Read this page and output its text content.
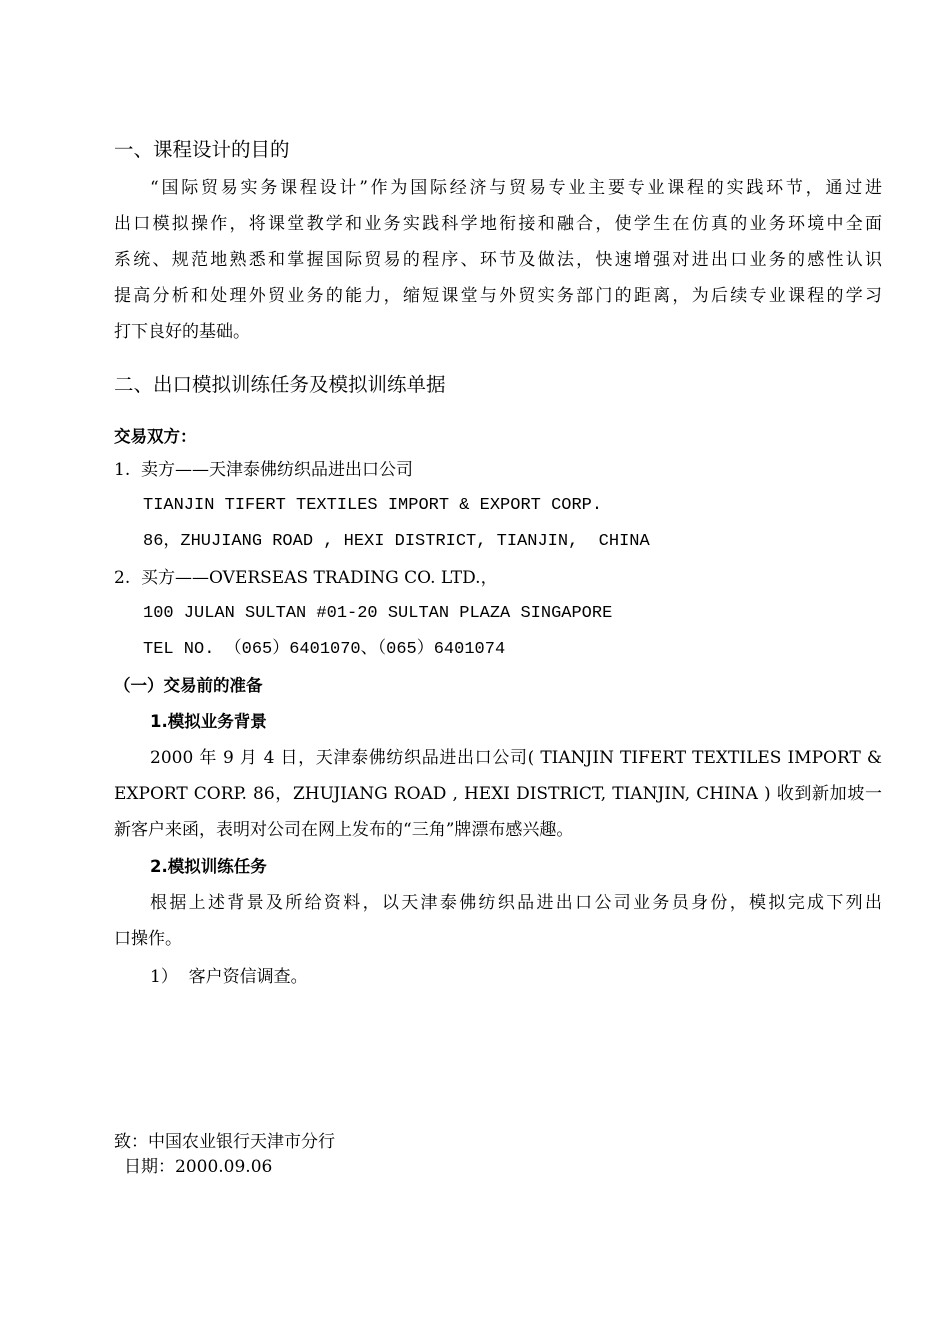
一、课程设计的目的
“国际贸易实务课程设计”作为国际经济与贸易专业主要专业课程的实践环节，通过进
出口模拟操作，将课堂教学和业务实践科学地衔接和融合，使学生在仿真的业务环境中全面
系统、规范地熟悉和掌握国际贸易的程序、环节及做法，快速增强对进出口业务的感性认识
提高分析和处理外贸业务的能力，缩短课堂与外贸实务部门的距离，为后续专业课程的学习
打下良好的基础。
二、出口模拟训练任务及模拟训练单据
交易双方：
1.  卖方——天津泰佛纺织品进出口公司
TIANJIN TIFERT TEXTILES IMPORT & EXPORT CORP.
86，ZHUJIANG ROAD , HEXI DISTRICT, TIANJIN,  CHINA
2.  买方——OVERSEAS TRADING CO. LTD.，
100 JULAN SULTAN #01-20 SULTAN PLAZA SINGAPORE
TEL NO. （065）6401070、（065）6401074
（一）交易前的准备
1.模拟业务背景
2000 年 9 月 4 日，天津泰佛纺织品进出口公司( TIANJIN TIFERT TEXTILES IMPORT &
EXPORT CORP. 86，ZHUJIANG ROAD , HEXI DISTRICT, TIANJIN, CHINA ) 收到新加坡一
新客户来函，表明对公司在网上发布的“三角”牌漂布感兴趣。
2.模拟训练任务
根据上述背景及所给资料，以天津泰佛纺织品进出口公司业务员身份，模拟完成下列出
口操作。
1）  客户资信调查。
致：中国农业银行天津市分行
日期：2000.09.06
